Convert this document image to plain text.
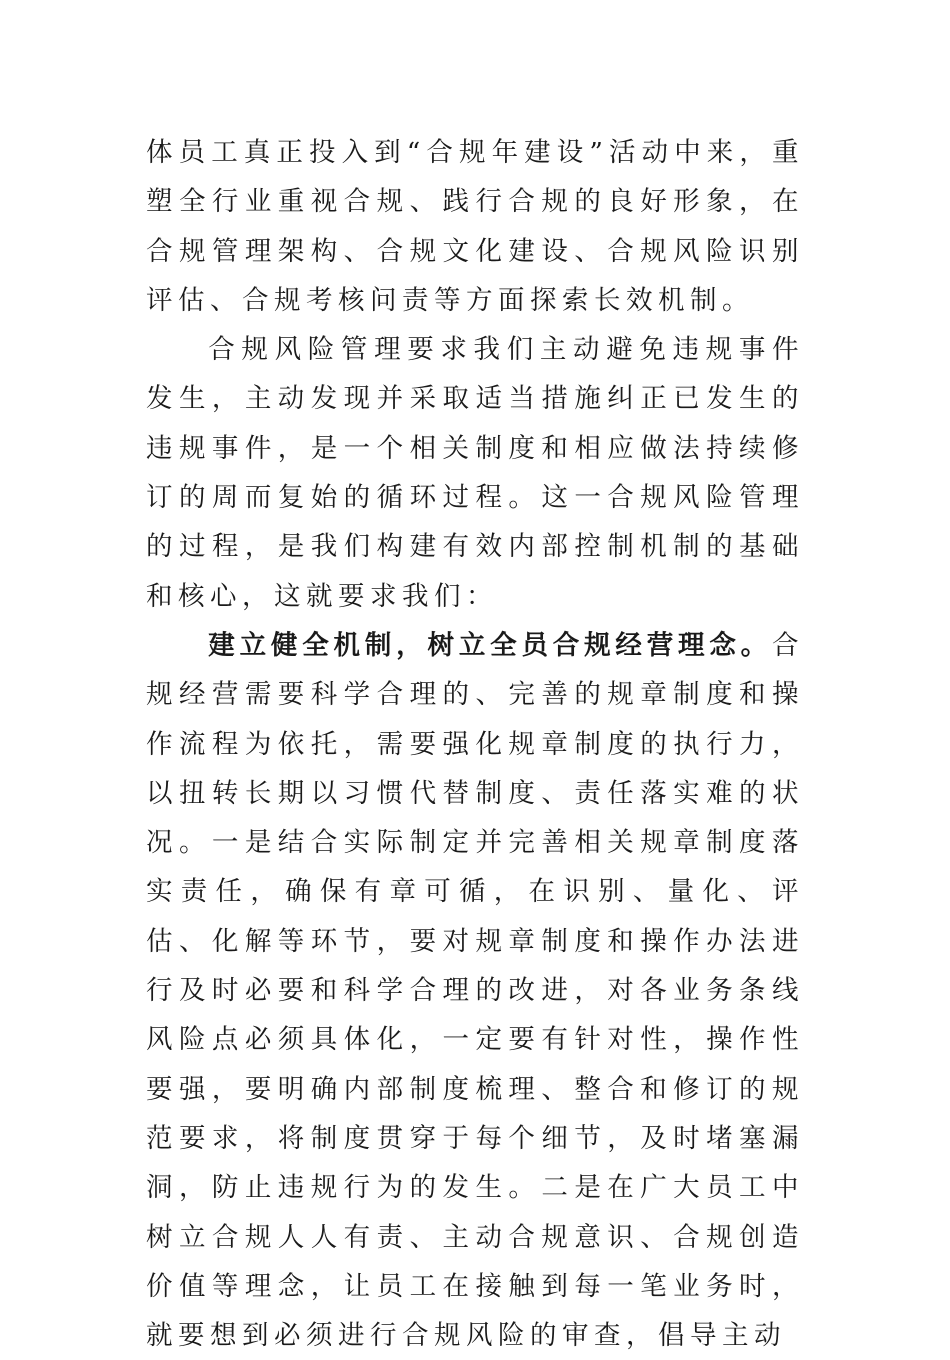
体员工真正投入到“合规年建设”活动中来，重塑全行业重视合规、践行合规的良好形象，在合规管理架构、合规文化建设、合规风险识别评估、合规考核问责等方面探索长效机制。

合规风险管理要求我们主动避免违规事件发生，主动发现并采取适当措施纠正已发生的违规事件，是一个相关制度和相应做法持续修订的周而复始的循环过程。这一合规风险管理的过程，是我们构建有效内部控制机制的基础和核心，这就要求我们：

建立健全机制，树立全员合规经营理念。合规经营需要科学合理的、完善的规章制度和操作流程为依托，需要强化规章制度的执行力，以扭转长期以习惯代替制度、责任落实难的状况。一是结合实际制定并完善相关规章制度落实责任，确保有章可循，在识别、量化、评估、化解等环节，要对规章制度和操作办法进行及时必要和科学合理的改进，对各业务条线风险点必须具体化，一定要有针对性，操作性要强，要明确内部制度梳理、整合和修订的规范要求，将制度贯穿于每个细节，及时堵塞漏洞，防止违规行为的发生。二是在广大员工中树立合规人人有责、主动合规意识、合规创造价值等理念，让员工在接触到每一笔业务时，就要想到必须进行合规风险的审查，倡导主动
